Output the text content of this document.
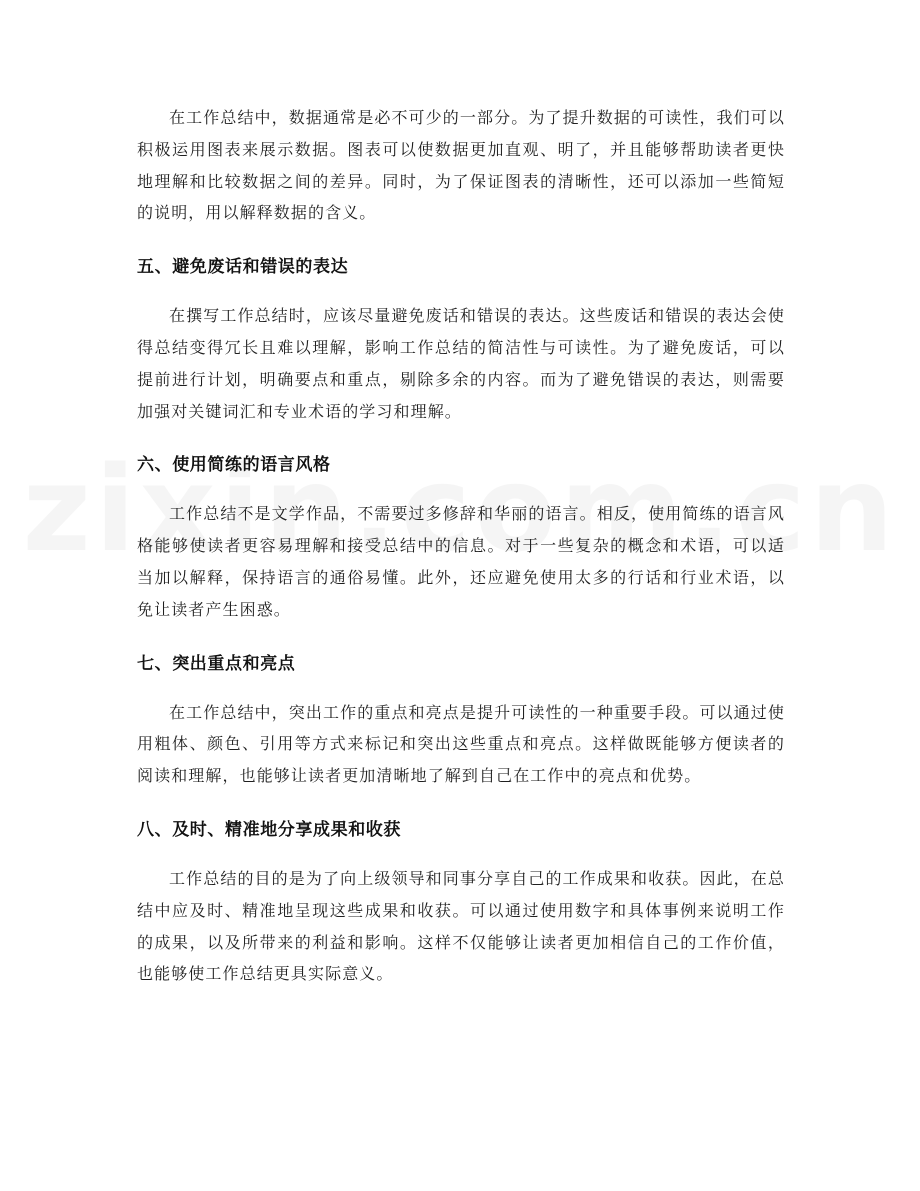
在工作总结中，数据通常是必不可少的一部分。为了提升数据的可读性，我们可以积极运用图表来展示数据。图表可以使数据更加直观、明了，并且能够帮助读者更快地理解和比较数据之间的差异。同时，为了保证图表的清晰性，还可以添加一些简短的说明，用以解释数据的含义。

五、避免废话和错误的表达

在撰写工作总结时，应该尽量避免废话和错误的表达。这些废话和错误的表达会使得总结变得冗长且难以理解，影响工作总结的简洁性与可读性。为了避免废话，可以提前进行计划，明确要点和重点，剔除多余的内容。而为了避免错误的表达，则需要加强对关键词汇和专业术语的学习和理解。

六、使用简练的语言风格

工作总结不是文学作品，不需要过多修辞和华丽的语言。相反，使用简练的语言风格能够使读者更容易理解和接受总结中的信息。对于一些复杂的概念和术语，可以适当加以解释，保持语言的通俗易懂。此外，还应避免使用太多的行话和行业术语，以免让读者产生困惑。

七、突出重点和亮点

在工作总结中，突出工作的重点和亮点是提升可读性的一种重要手段。可以通过使用粗体、颜色、引用等方式来标记和突出这些重点和亮点。这样做既能够方便读者的阅读和理解，也能够让读者更加清晰地了解到自己在工作中的亮点和优势。

八、及时、精准地分享成果和收获

工作总结的目的是为了向上级领导和同事分享自己的工作成果和收获。因此，在总结中应及时、精准地呈现这些成果和收获。可以通过使用数字和具体事例来说明工作的成果，以及所带来的利益和影响。这样不仅能够让读者更加相信自己的工作价值，也能够使工作总结更具实际意义。
